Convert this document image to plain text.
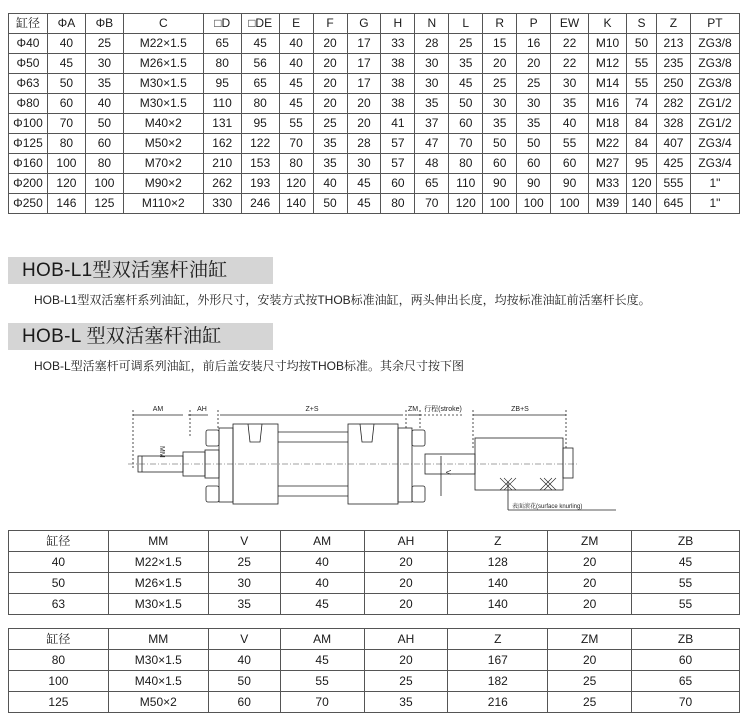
缸径	ΦA	ΦB	C	□D	□DE	E	F	G	H	N	L	R	P	EW	K	S	Z	PT
Φ40	40	25	M22×1.5	65	45	40	20	17	33	28	25	15	16	22	M10	50	213	ZG3/8
Φ50	45	30	M26×1.5	80	56	40	20	17	38	30	35	20	20	22	M12	55	235	ZG3/8
Φ63	50	35	M30×1.5	95	65	45	20	17	38	30	45	25	25	30	M14	55	250	ZG3/8
Φ80	60	40	M30×1.5	110	80	45	20	20	38	35	50	30	30	35	M16	74	282	ZG1/2
Φ100	70	50	M40×2	131	95	55	25	20	41	37	60	35	35	40	M18	84	328	ZG1/2
Φ125	80	60	M50×2	162	122	70	35	28	57	47	70	50	50	55	M22	84	407	ZG3/4
Φ160	100	80	M70×2	210	153	80	35	30	57	48	80	60	60	60	M27	95	425	ZG3/4
Φ200	120	100	M90×2	262	193	120	40	45	60	65	110	90	90	90	M33	120	555	1"
Φ250	146	125	M110×2	330	246	140	50	45	80	70	120	100	100	100	M39	140	645	1"
HOB-L1型双活塞杆油缸
HOB-L1型双活塞杆系列油缸，外形尺寸，安装方式按THOB标准油缸，两头伸出长度，均按标准油缸前活塞杆长度。
HOB-L 型双活塞杆油缸
HOB-L型活塞杆可调系列油缸，前后盖安装尺寸均按THOB标准。其余尺寸按下图
AM	AH	Z+S	ZM 行程(stroke)	ZB+S
MM
V
表面滚花(surface knurling)
缸径	MM	V	AM	AH	Z	ZM	ZB
40	M22×1.5	25	40	20	128	20	45
50	M26×1.5	30	40	20	140	20	55
63	M30×1.5	35	45	20	140	20	55
缸径	MM	V	AM	AH	Z	ZM	ZB
80	M30×1.5	40	45	20	167	20	60
100	M40×1.5	50	55	25	182	25	65
125	M50×2	60	70	35	216	25	70
